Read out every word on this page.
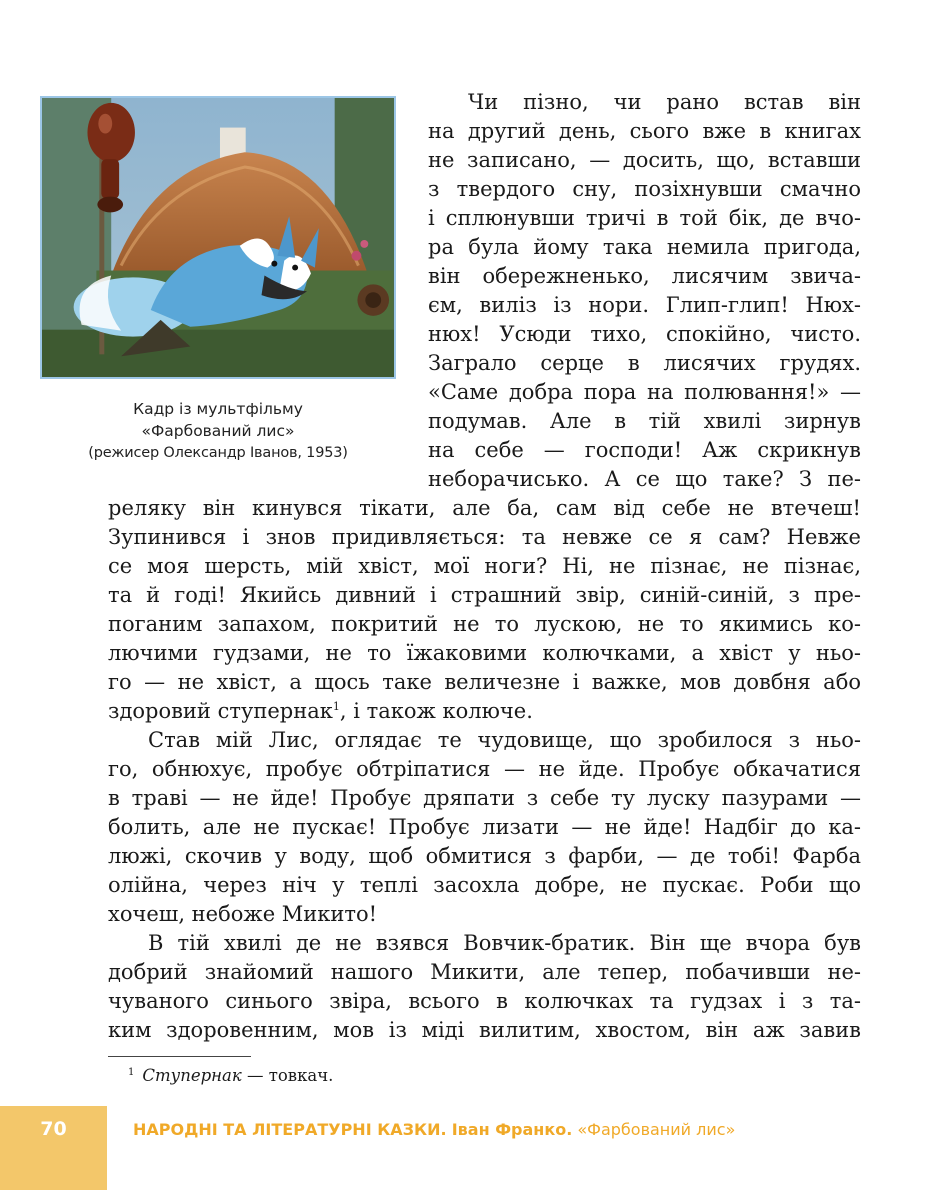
Кадр із мультфільму
«Фарбований лис»
(режисер Олександр Іванов, 1953)
Чи пізно, чи рано встав він
на другий день, сього вже в книгах
не записано, — досить, що, вставши
з твердого сну, позіхнувши смачно
і сплюнувши тричі в той бік, де вчо-
ра була йому така немила пригода,
він обережненько, лисячим звича-
єм, виліз із нори. Глип-глип! Нюх-
нюх! Усюди тихо, спокійно, чисто.
Заграло серце в лисячих грудях.
«Саме добра пора на полювання!» —
подумав. Але в тій хвилі зирнув
на себе — господи! Аж скрикнув
неборачисько. А се що таке? З пе-
реляку він кинувся тікати, але ба, сам від себе не втечеш!
Зупинився і знов придивляється: та невже се я сам? Невже
се моя шерсть, мій хвіст, мої ноги? Ні, не пізнає, не пізнає,
та й годі! Якийсь дивний і страшний звір, синій-синій, з пре-
поганим запахом, покритий не то лускою, не то якимись ко-
лючими гудзами, не то їжаковими колючками, а хвіст у ньо-
го — не хвіст, а щось таке величезне і важке, мов довбня або
здоровий ступернак$^1$, і також колюче.
Став мій Лис, оглядає те чудовище, що зробилося з ньо-
го, обнюхує, пробує обтріпатися — не йде. Пробує обкачатися
в траві — не йде! Пробує дряпати з себе ту луску пазурами —
болить, але не пускає! Пробує лизати — не йде! Надбіг до ка-
люжі, скочив у воду, щоб обмитися з фарби, — де тобі! Фарба
олійна, через ніч у теплі засохла добре, не пускає. Роби що
хочеш, небоже Микито!
В тій хвилі де не взявся Вовчик-братик. Він ще вчора був
добрий знайомий нашого Микити, але тепер, побачивши не-
чуваного синього звіра, всього в колючках та гудзах і з та-
ким здоровенним, мов із міді вилитим, хвостом, він аж завив
$^1$ Ступернак — товкач.
70	НАРОДНІ ТА ЛІТЕРАТУРНІ КАЗКИ. Іван Франко. «Фарбований лис»
